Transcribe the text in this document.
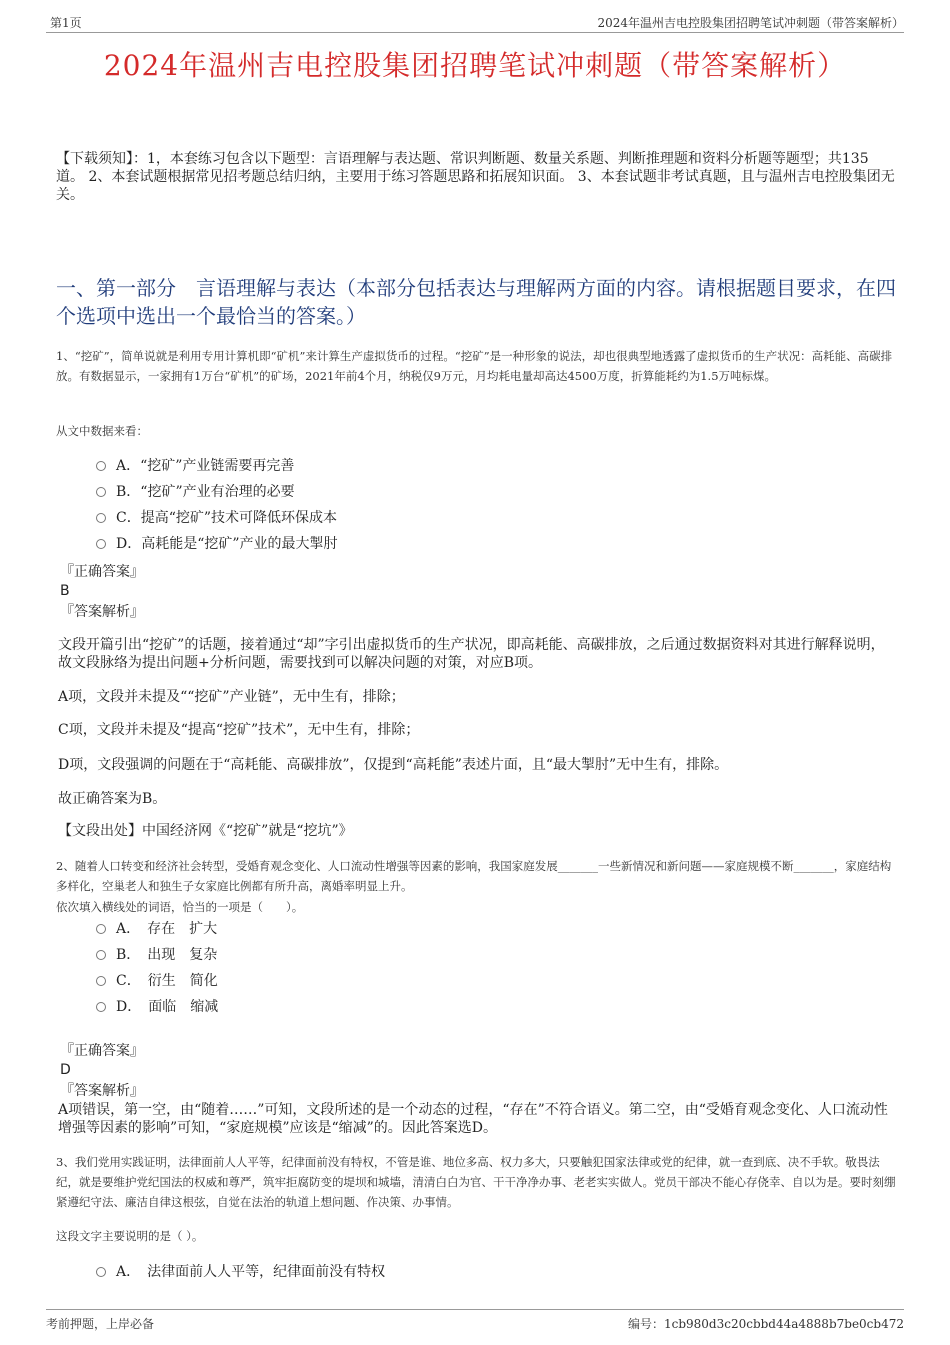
第1页	2024年温州吉电控股集团招聘笔试冲刺题（带答案解析）
2024年温州吉电控股集团招聘笔试冲刺题（带答案解析）
【下载须知】：1，本套练习包含以下题型：言语理解与表达题、常识判断题、数量关系题、判断推理题和资料分析题等题型；共135道。 2、本套试题根据常见招考题总结归纳，主要用于练习答题思路和拓展知识面。 3、本套试题非考试真题，且与温州吉电控股集团无关。
一、第一部分　言语理解与表达（本部分包括表达与理解两方面的内容。请根据题目要求，在四个选项中选出一个最恰当的答案。）
1、“挖矿”，简单说就是利用专用计算机即“矿机”来计算生产虚拟货币的过程。“挖矿”是一种形象的说法，却也很典型地透露了虚拟货币的生产状况：高耗能、高碳排放。有数据显示，一家拥有1万台“矿机”的矿场，2021年前4个月，纳税仅9万元，月均耗电量却高达4500万度，折算能耗约为1.5万吨标煤。
从文中数据来看：
A．“挖矿”产业链需要再完善
B．“挖矿”产业有治理的必要
C．提高“挖矿”技术可降低环保成本
D．高耗能是“挖矿”产业的最大掣肘
『正确答案』
B
『答案解析』
文段开篇引出“挖矿”的话题，接着通过“却”字引出虚拟货币的生产状况，即高耗能、高碳排放，之后通过数据资料对其进行解释说明，故文段脉络为提出问题+分析问题，需要找到可以解决问题的对策，对应B项。
A项，文段并未提及““挖矿”产业链”，无中生有，排除；
C项，文段并未提及“提高“挖矿”技术”，无中生有，排除；
D项，文段强调的问题在于“高耗能、高碳排放”，仅提到“高耗能”表述片面，且“最大掣肘”无中生有，排除。
故正确答案为B。
【文段出处】中国经济网《“挖矿”就是“挖坑”》
2、随着人口转变和经济社会转型，受婚育观念变化、人口流动性增强等因素的影响，我国家庭发展_______一些新情况和新问题——家庭规模不断_______，家庭结构多样化，空巢老人和独生子女家庭比例都有所升高，离婚率明显上升。
依次填入横线处的词语，恰当的一项是（　　）。
A．　存在　扩大
B．　出现　复杂
C．　衍生　简化
D．　面临　缩减
『正确答案』
D
『答案解析』
A项错误，第一空，由“随着……”可知，文段所述的是一个动态的过程，“存在”不符合语义。第二空，由“受婚育观念变化、人口流动性增强等因素的影响”可知，“家庭规模”应该是“缩减”的。因此答案选D。
3、我们党用实践证明，法律面前人人平等，纪律面前没有特权，不管是谁、地位多高、权力多大，只要触犯国家法律或党的纪律，就一查到底、决不手软。敬畏法纪，就是要维护党纪国法的权威和尊严，筑牢拒腐防变的堤坝和城墙，清清白白为官、干干净净办事、老老实实做人。党员干部决不能心存侥幸、自以为是。要时刻绷紧遵纪守法、廉洁自律这根弦，自觉在法治的轨道上想问题、作决策、办事情。
这段文字主要说明的是（ ）。
A．　法律面前人人平等，纪律面前没有特权
考前押题，上岸必备	编号：1cb980d3c20cbbd44a4888b7be0cb472
